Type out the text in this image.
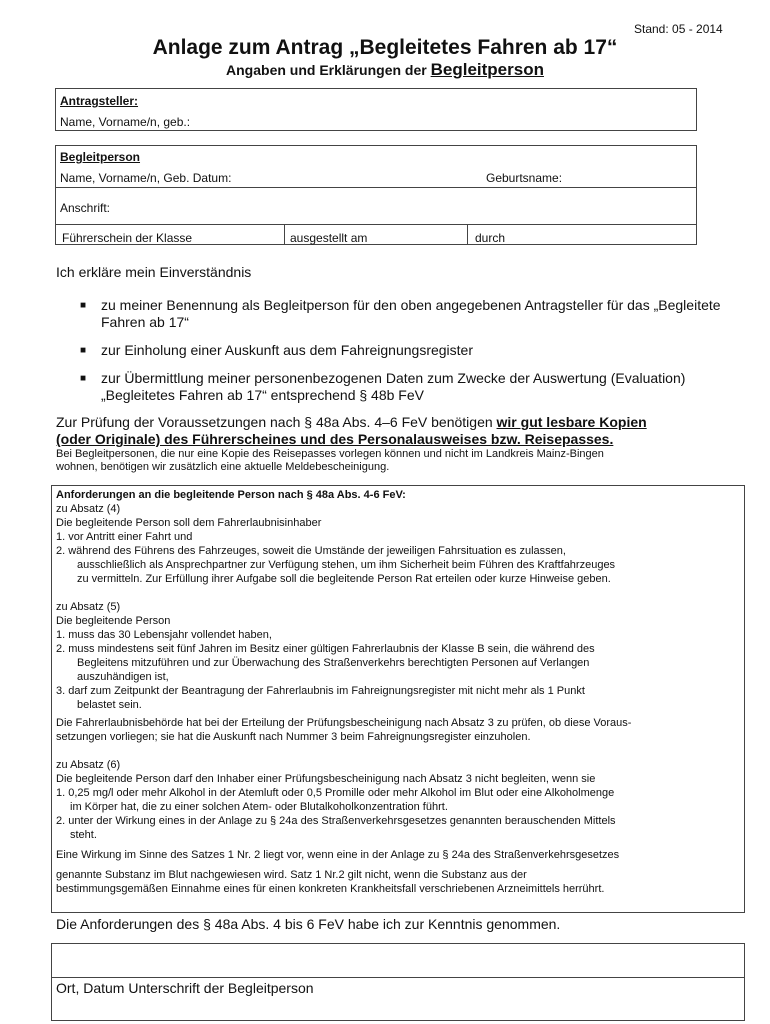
Stand: 05 - 2014
Anlage zum Antrag „Begleitetes Fahren ab 17“
Angaben und Erklärungen der Begleitperson
Antragsteller:
Name, Vorname/n, geb.:
Begleitperson
Name, Vorname/n, Geb. Datum:	Geburtsname:
Anschrift:
Führerschein der Klasse	ausgestellt am	durch
Ich erkläre mein Einverständnis
■ zu meiner Benennung als Begleitperson für den oben angegebenen Antragsteller für das „Begleitete Fahren ab 17“
■ zur Einholung einer Auskunft aus dem Fahreignungsregister
■ zur Übermittlung meiner personenbezogenen Daten zum Zwecke der Auswertung (Evaluation) „Begleitetes Fahren ab 17“ entsprechend § 48b FeV
Zur Prüfung der Voraussetzungen nach § 48a Abs. 4–6 FeV benötigen wir gut lesbare Kopien
(oder Originale) des Führerscheines und des Personalausweises bzw. Reisepasses.
Bei Begleitpersonen, die nur eine Kopie des Reisepasses vorlegen können und nicht im Landkreis Mainz-Bingen
wohnen, benötigen wir zusätzlich eine aktuelle Meldebescheinigung.
Anforderungen an die begleitende Person nach § 48a Abs. 4-6 FeV:
zu Absatz (4)
Die begleitende Person soll dem Fahrerlaubnisinhaber
1. vor Antritt einer Fahrt und
2. während des Führens des Fahrzeuges, soweit die Umstände der jeweiligen Fahrsituation es zulassen,
ausschließlich als Ansprechpartner zur Verfügung stehen, um ihm Sicherheit beim Führen des Kraftfahrzeuges
zu vermitteln. Zur Erfüllung ihrer Aufgabe soll die begleitende Person Rat erteilen oder kurze Hinweise geben.
zu Absatz (5)
Die begleitende Person
1. muss das 30 Lebensjahr vollendet haben,
2. muss mindestens seit fünf Jahren im Besitz einer gültigen Fahrerlaubnis der Klasse B sein, die während des
Begleitens mitzuführen und zur Überwachung des Straßenverkehrs berechtigten Personen auf Verlangen
auszuhändigen ist,
3. darf zum Zeitpunkt der Beantragung der Fahrerlaubnis im Fahreignungsregister mit nicht mehr als 1 Punkt
belastet sein.
Die Fahrerlaubnisbehörde hat bei der Erteilung der Prüfungsbescheinigung nach Absatz 3 zu prüfen, ob diese Voraus-
setzungen vorliegen; sie hat die Auskunft nach Nummer 3 beim Fahreignungsregister einzuholen.
zu Absatz (6)
Die begleitende Person darf den Inhaber einer Prüfungsbescheinigung nach Absatz 3 nicht begleiten, wenn sie
1. 0,25 mg/l oder mehr Alkohol in der Atemluft oder 0,5 Promille oder mehr Alkohol im Blut oder eine Alkoholmenge
im Körper hat, die zu einer solchen Atem- oder Blutalkoholkonzentration führt.
2. unter der Wirkung eines in der Anlage zu § 24a des Straßenverkehrsgesetzes genannten berauschenden Mittels
steht.
Eine Wirkung im Sinne des Satzes 1 Nr. 2 liegt vor, wenn eine in der Anlage zu § 24a des Straßenverkehrsgesetzes
genannte Substanz im Blut nachgewiesen wird. Satz 1 Nr.2 gilt nicht, wenn die Substanz aus der
bestimmungsgemäßen Einnahme eines für einen konkreten Krankheitsfall verschriebenen Arzneimittels herrührt.
Die Anforderungen des § 48a Abs. 4 bis 6 FeV habe ich zur Kenntnis genommen.
Ort, Datum Unterschrift der Begleitperson
